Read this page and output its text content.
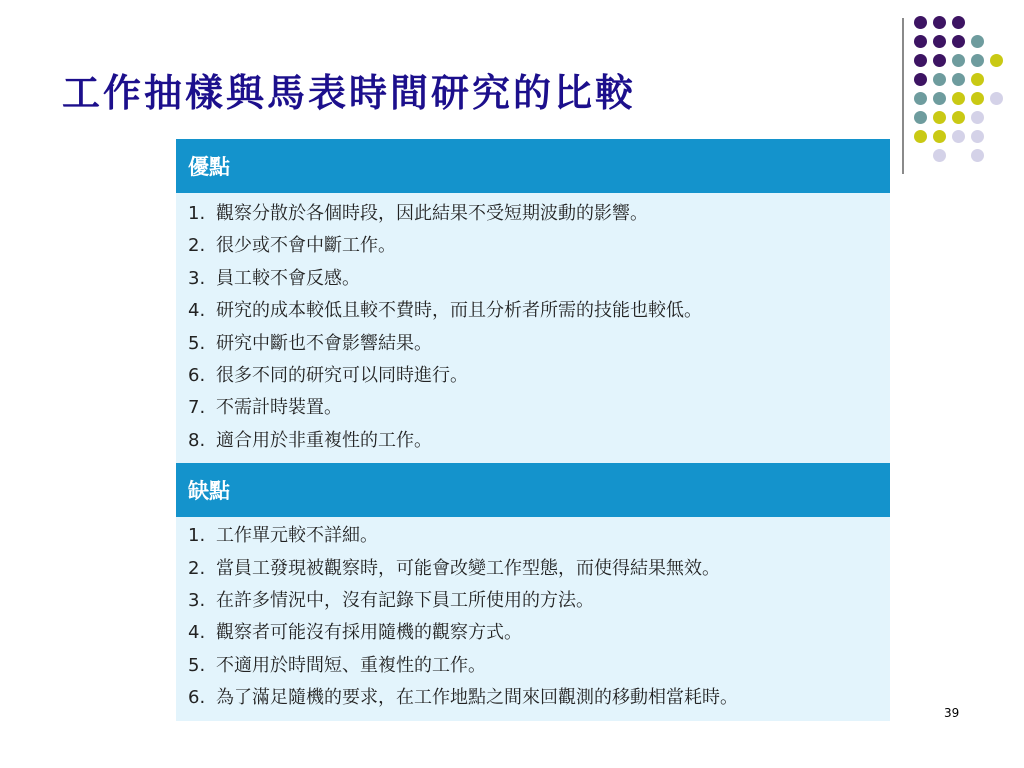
工作抽樣與馬表時間研究的比較
優點
1. 觀察分散於各個時段，因此結果不受短期波動的影響。
2. 很少或不會中斷工作。
3. 員工較不會反感。
4. 研究的成本較低且較不費時，而且分析者所需的技能也較低。
5. 研究中斷也不會影響結果。
6. 很多不同的研究可以同時進行。
7. 不需計時裝置。
8. 適合用於非重複性的工作。
缺點
1. 工作單元較不詳細。
2. 當員工發現被觀察時，可能會改變工作型態，而使得結果無效。
3. 在許多情況中，沒有記錄下員工所使用的方法。
4. 觀察者可能沒有採用隨機的觀察方式。
5. 不適用於時間短、重複性的工作。
6. 為了滿足隨機的要求，在工作地點之間來回觀測的移動相當耗時。
39
